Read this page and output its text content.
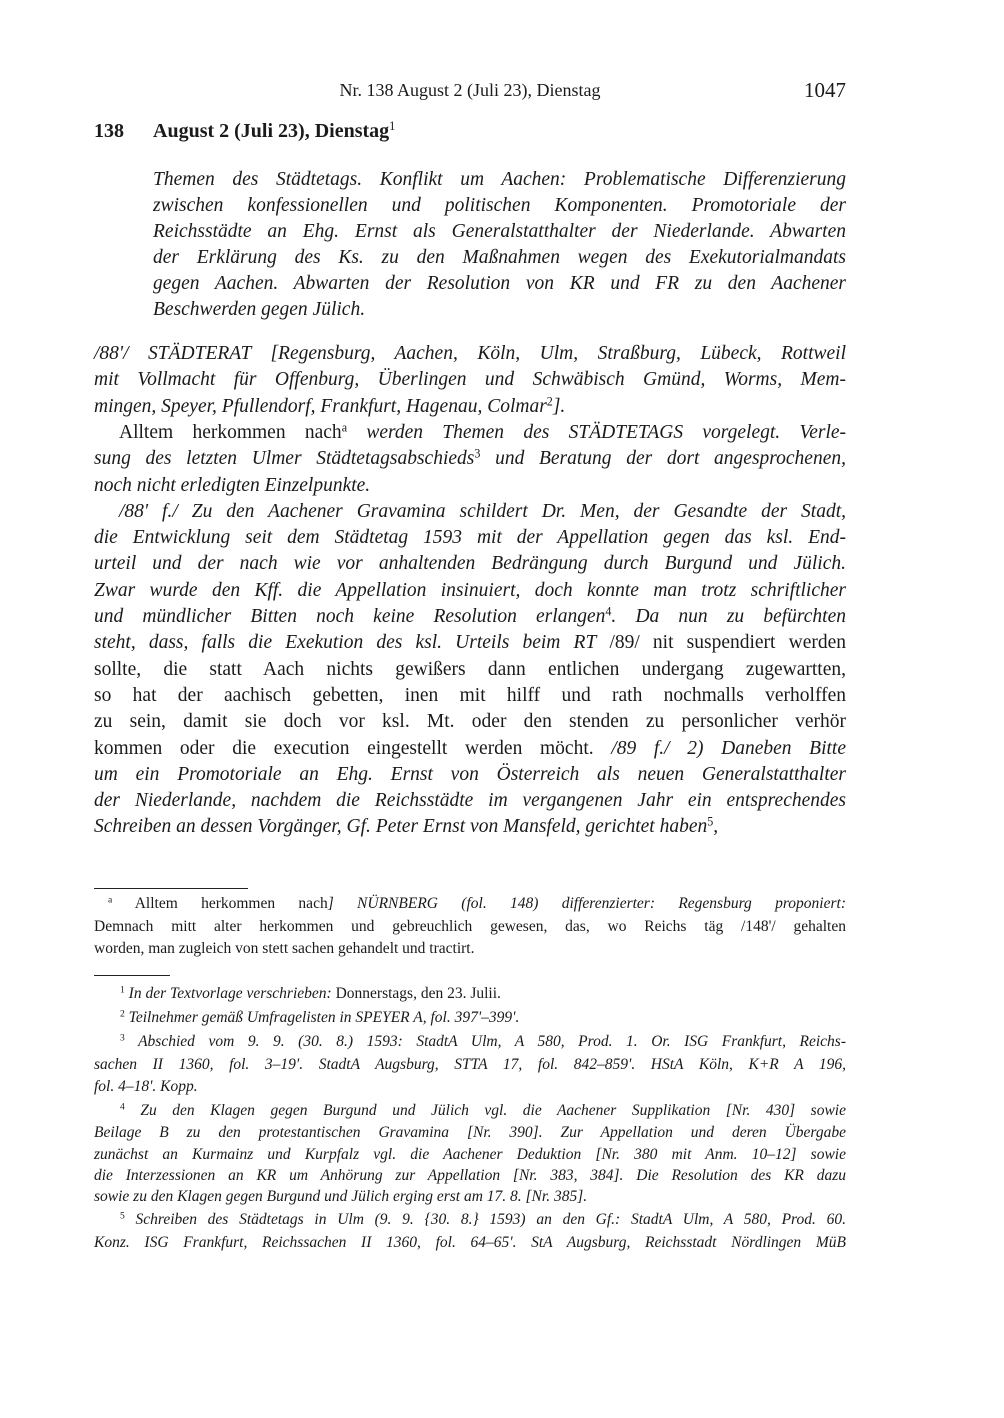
Nr. 138 August 2 (Juli 23), Dienstag	1047
138 August 2 (Juli 23), Dienstag$^1$
Themen des Städtetags. Konflikt um Aachen: Problematische Differenzierung
zwischen konfessionellen und politischen Komponenten. Promotoriale der
Reichsstädte an Ehg. Ernst als Generalstatthalter der Niederlande. Abwarten
der Erklärung des Ks. zu den Maßnahmen wegen des Exekutorialmandats
gegen Aachen. Abwarten der Resolution von KR und FR zu den Aachener
Beschwerden gegen Jülich.
/88'/ STÄDTERAT [Regensburg, Aachen, Köln, Ulm, Straßburg, Lübeck, Rottweil
mit Vollmacht für Offenburg, Überlingen und Schwäbisch Gmünd, Worms, Mem-
mingen, Speyer, Pfullendorf, Frankfurt, Hagenau, Colmar$^2$].
Alltem herkommen nach$^a$ werden Themen des STÄDTETAGS vorgelegt. Verle-
sung des letzten Ulmer Städtetagsabschieds$^3$ und Beratung der dort angesprochenen,
noch nicht erledigten Einzelpunkte.
/88' f./ Zu den Aachener Gravamina schildert Dr. Men, der Gesandte der Stadt,
die Entwicklung seit dem Städtetag 1593 mit der Appellation gegen das ksl. End-
urteil und der nach wie vor anhaltenden Bedrängung durch Burgund und Jülich.
Zwar wurde den Kff. die Appellation insinuiert, doch konnte man trotz schriftlicher
und mündlicher Bitten noch keine Resolution erlangen$^4$. Da nun zu befürchten
steht, dass, falls die Exekution des ksl. Urteils beim RT /89/ nit suspendiert werden
sollte, die statt Aach nichts gewißers dann entlichen undergang zugewartten,
so hat der aachisch gebetten, inen mit hilff und rath nochmalls verholffen
zu sein, damit sie doch vor ksl. Mt. oder den stenden zu personlicher verhör
kommen oder die execution eingestellt werden möcht. /89 f./ 2) Daneben Bitte
um ein Promotoriale an Ehg. Ernst von Österreich als neuen Generalstatthalter
der Niederlande, nachdem die Reichsstädte im vergangenen Jahr ein entsprechendes
Schreiben an dessen Vorgänger, Gf. Peter Ernst von Mansfeld, gerichtet haben$^5$,
$^a$ Alltem herkommen nach] NÜRNBERG (fol. 148) differenzierter: Regensburg proponiert:
Demnach mitt alter herkommen und gebreuchlich gewesen, das, wo Reichs täg /148'/ gehalten
worden, man zugleich von stett sachen gehandelt und tractirt.
$^1$ In der Textvorlage verschrieben: Donnerstags, den 23. Julii.
$^2$ Teilnehmer gemäß Umfragelisten in SPEYER A, fol. 397'–399'.
$^3$ Abschied vom 9. 9. (30. 8.) 1593: StadtA Ulm, A 580, Prod. 1. Or. ISG Frankfurt, Reichs-
sachen II 1360, fol. 3–19'. StadtA Augsburg, STTA 17, fol. 842–859'. HStA Köln, K+R A 196,
fol. 4–18'. Kopp.
$^4$ Zu den Klagen gegen Burgund und Jülich vgl. die Aachener Supplikation [Nr. 430] sowie
Beilage B zu den protestantischen Gravamina [Nr. 390]. Zur Appellation und deren Übergabe
zunächst an Kurmainz und Kurpfalz vgl. die Aachener Deduktion [Nr. 380 mit Anm. 10–12] sowie
die Interzessionen an KR um Anhörung zur Appellation [Nr. 383, 384]. Die Resolution des KR dazu
sowie zu den Klagen gegen Burgund und Jülich erging erst am 17. 8. [Nr. 385].
$^5$ Schreiben des Städtetags in Ulm (9. 9. {30. 8.} 1593) an den Gf.: StadtA Ulm, A 580, Prod. 60.
Konz. ISG Frankfurt, Reichssachen II 1360, fol. 64–65'. StA Augsburg, Reichsstadt Nördlingen MüB
